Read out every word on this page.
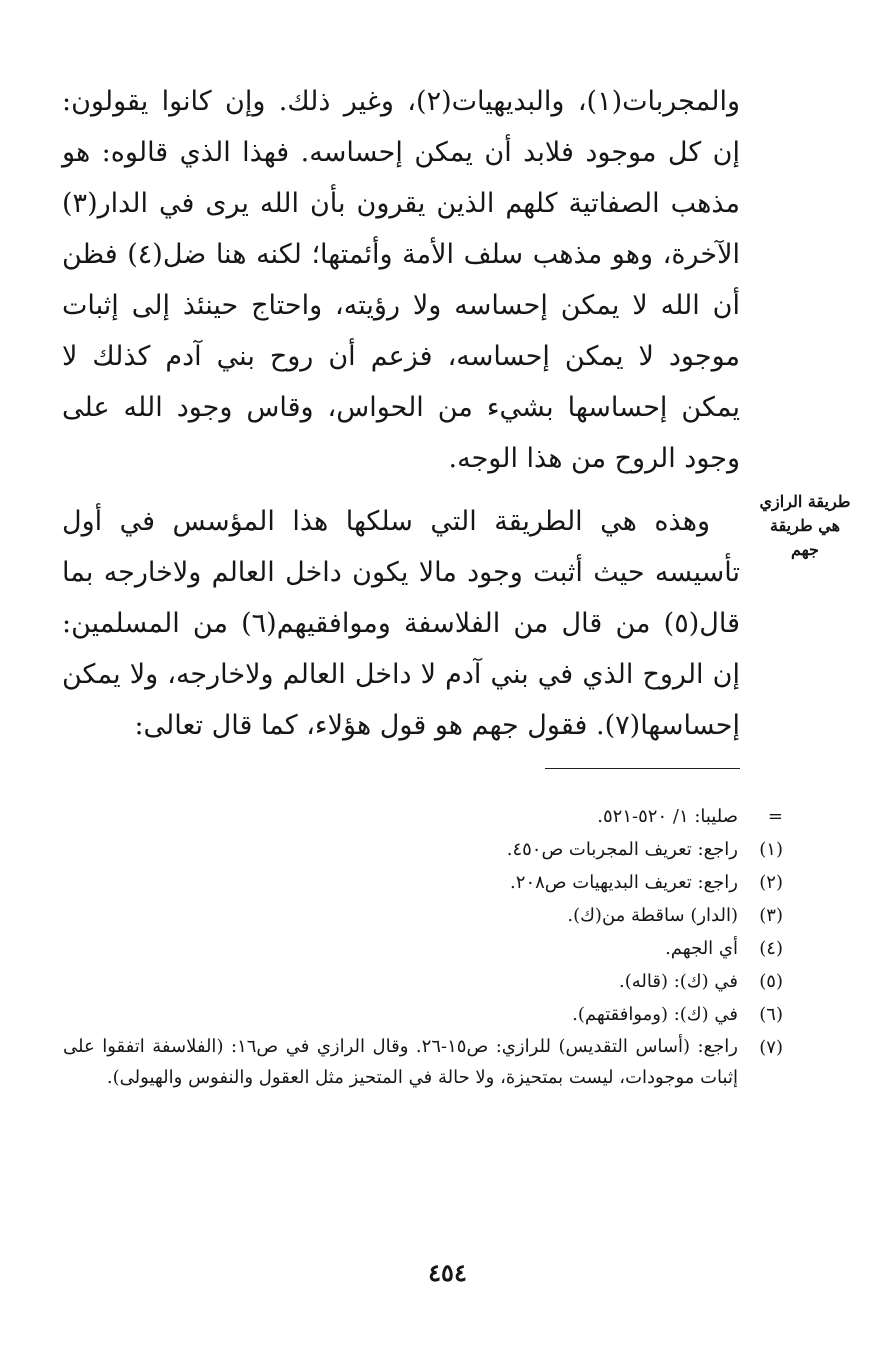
والمجربات(١)، والبديهيات(٢)، وغير ذلك. وإن كانوا يقولون: إن كل موجود فلابد أن يمكن إحساسه. فهذا الذي قالوه: هو مذهب الصفاتية كلهم الذين يقرون بأن الله يرى في الدار(٣) الآخرة، وهو مذهب سلف الأمة وأئمتها؛ لكنه هنا ضل(٤) فظن أن الله لا يمكن إحساسه ولا رؤيته، واحتاج حينئذ إلى إثبات موجود لا يمكن إحساسه، فزعم أن روح بني آدم كذلك لا يمكن إحساسها بشيء من الحواس، وقاس وجود الله على وجود الروح من هذا الوجه.

وهذه هي الطريقة التي سلكها هذا المؤسس في أول تأسيسه حيث أثبت وجود مالا يكون داخل العالم ولاخارجه بما قال(٥) من قال من الفلاسفة وموافقيهم(٦) من المسلمين: إن الروح الذي في بني آدم لا داخل العالم ولاخارجه، ولا يمكن إحساسها(٧). فقول جهم هو قول هؤلاء، كما قال تعالى:

طريقة الرازي هي طريقة جهم
=
صليبا: ١/ ٥٢٠-٥٢١.
(١)
راجع: تعريف المجربات ص٤٥٠.
(٢)
راجع: تعريف البديهيات ص٢٠٨.
(٣)
(الدار) ساقطة من(ك).
(٤)
أي الجهم.
(٥)
في (ك): (قاله).
(٦)
في (ك): (وموافقتهم).
(٧)
راجع: (أساس التقديس) للرازي: ص١٥-٢٦. وقال الرازي في ص١٦: (الفلاسفة اتفقوا على إثبات موجودات، ليست بمتحيزة، ولا حالة في المتحيز مثل العقول والنفوس والهيولى).
٤٥٤
